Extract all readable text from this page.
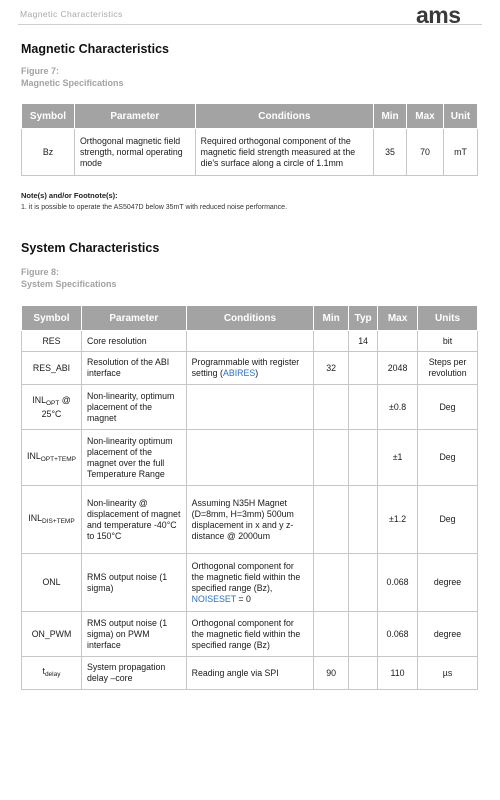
Magnetic Characteristics	ams
Magnetic Characteristics
Figure 7:
Magnetic Specifications
Symbol	Parameter	Conditions	Min	Max	Unit
Bz	Orthogonal magnetic field strength, normal operating mode	Required orthogonal component of the magnetic field strength measured at the die's surface along a circle of 1.1mm	35	70	mT
Note(s) and/or Footnote(s):
1. it is possible to operate the AS5047D below 35mT with reduced noise performance.
System Characteristics
Figure 8:
System Specifications
Symbol	Parameter	Conditions	Min	Typ	Max	Units
RES	Core resolution			14		bit
RES_ABI	Resolution of the ABI interface	Programmable with register setting (ABIRES)	32		2048	Steps per revolution
$INL_{OPT}$ @ 25°C	Non-linearity, optimum placement of the magnet				±0.8	Deg
$INL_{OPT+TEMP}$	Non-linearity optimum placement of the magnet over the full Temperature Range				±1	Deg
$INL_{DIS+TEMP}$	Non-linearity @ displacement of magnet and temperature -40°C to 150°C	Assuming N35H Magnet (D=8mm, H=3mm) 500um displacement in x and y z-distance @ 2000um			±1.2	Deg
ONL	RMS output noise (1 sigma)	Orthogonal component for the magnetic field within the specified range (Bz), NOISESET = 0			0.068	degree
ON_PWM	RMS output noise (1 sigma) on PWM interface	Orthogonal component for the magnetic field within the specified range (Bz)			0.068	degree
$t_{delay}$	System propagation delay –core	Reading angle via SPI	90		110	µs
